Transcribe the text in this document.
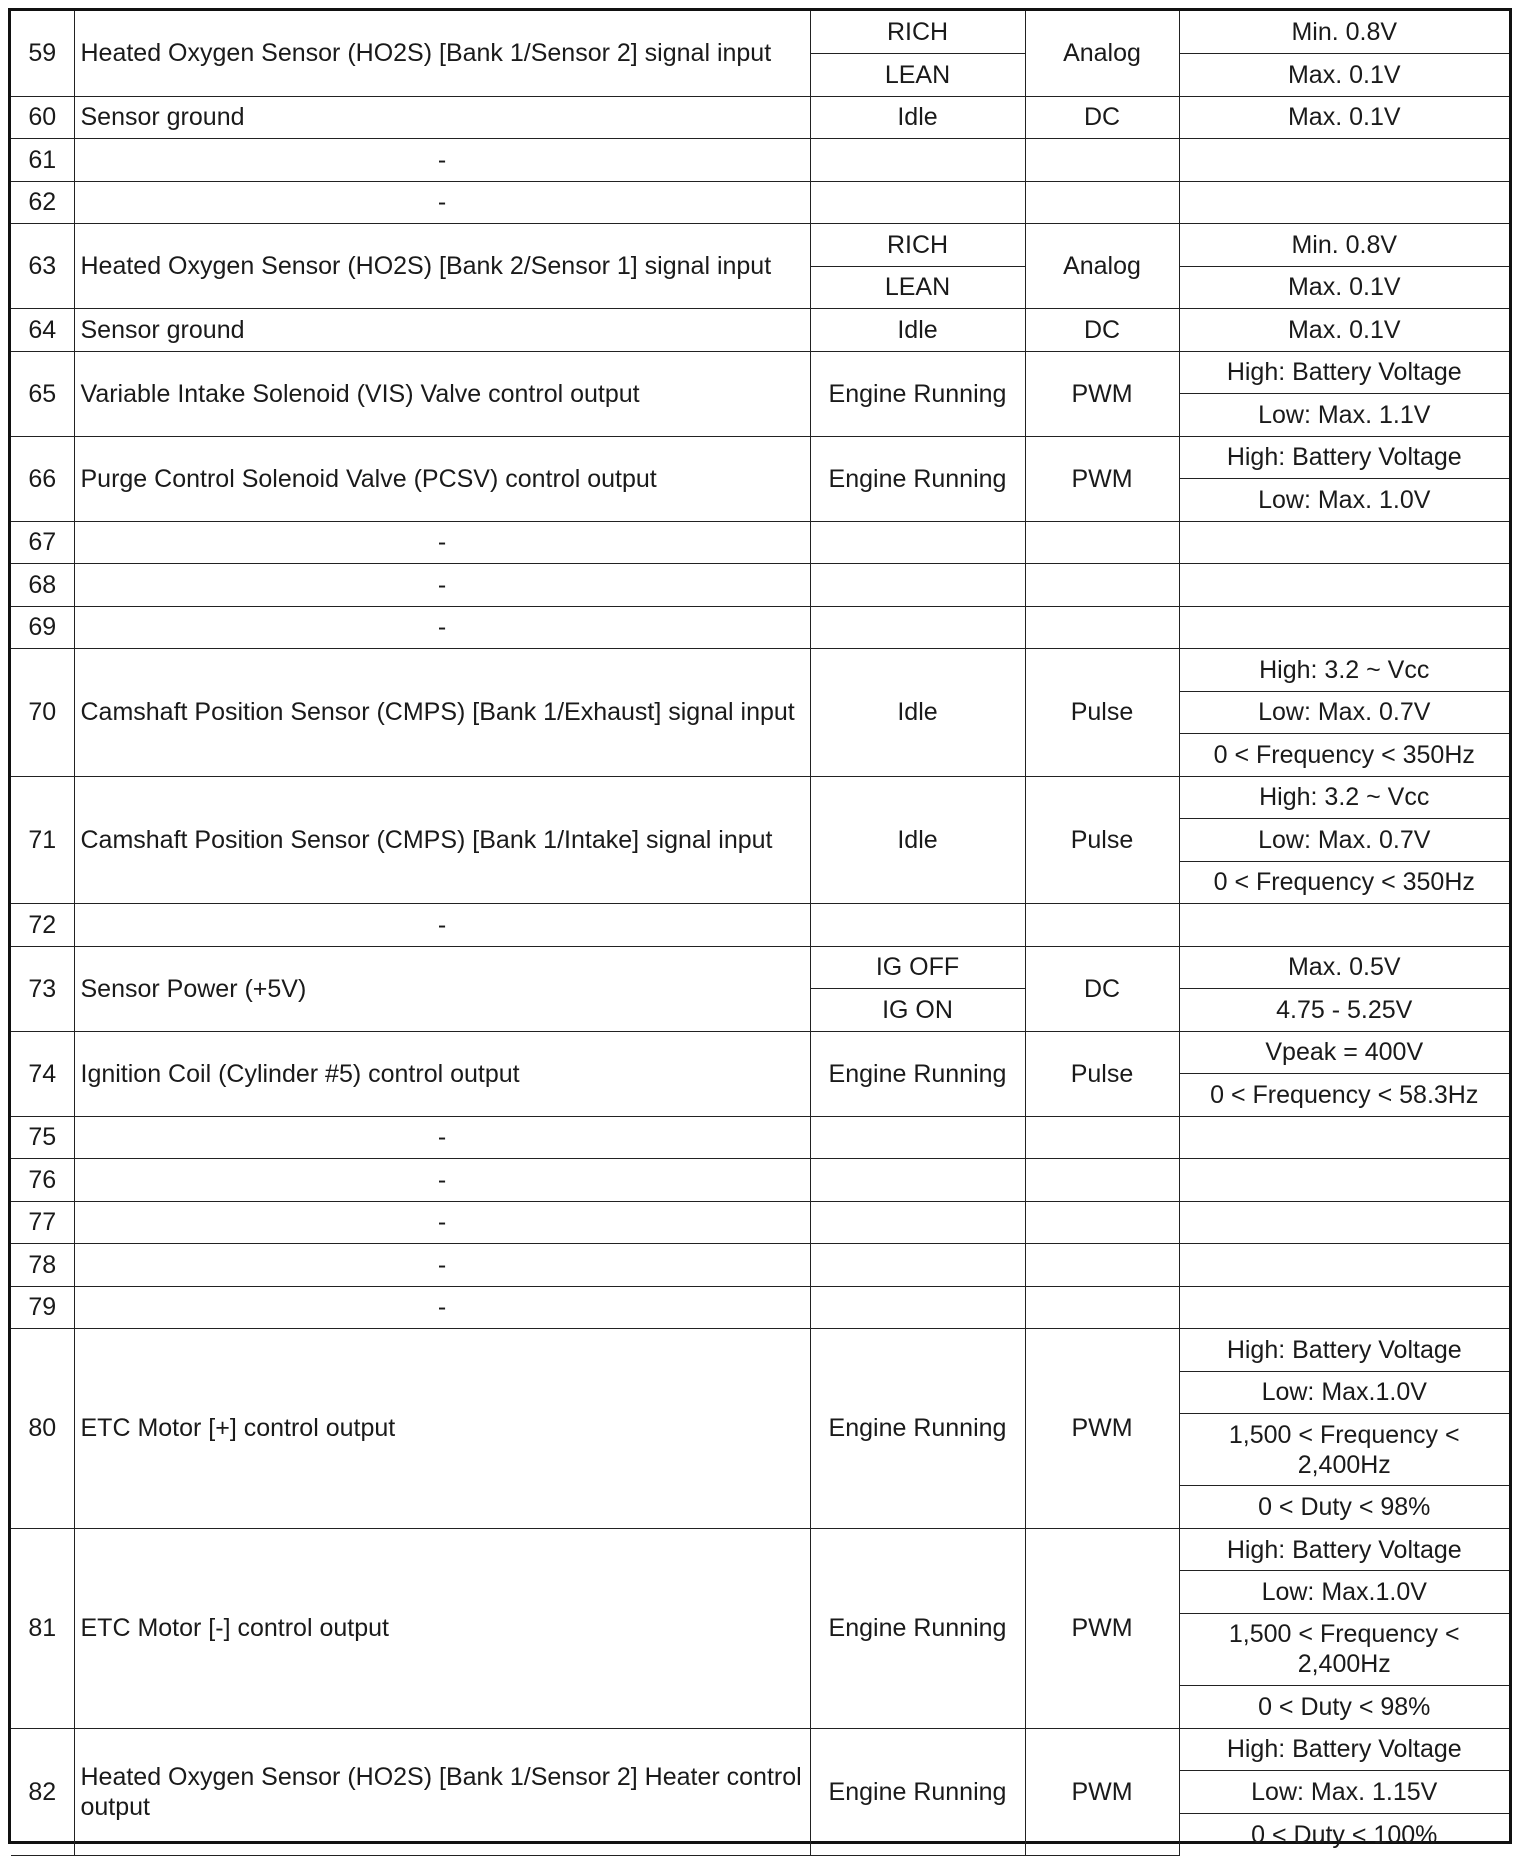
59	Heated Oxygen Sensor (HO2S) [Bank 1/Sensor 2] signal input	RICH	Analog	Min. 0.8V
		LEAN		Max. 0.1V
60	Sensor ground	Idle	DC	Max. 0.1V
61	-			
62	-			
63	Heated Oxygen Sensor (HO2S) [Bank 2/Sensor 1] signal input	RICH	Analog	Min. 0.8V
		LEAN		Max. 0.1V
64	Sensor ground	Idle	DC	Max. 0.1V
65	Variable Intake Solenoid (VIS) Valve control output	Engine Running	PWM	High: Battery Voltage
				Low: Max. 1.1V
66	Purge Control Solenoid Valve (PCSV) control output	Engine Running	PWM	High: Battery Voltage
				Low: Max. 1.0V
67	-			
68	-			
69	-			
70	Camshaft Position Sensor (CMPS) [Bank 1/Exhaust] signal input	Idle	Pulse	High: 3.2 ~ Vcc
				Low: Max. 0.7V
				0 < Frequency < 350Hz
71	Camshaft Position Sensor (CMPS) [Bank 1/Intake] signal input	Idle	Pulse	High: 3.2 ~ Vcc
				Low: Max. 0.7V
				0 < Frequency < 350Hz
72	-			
73	Sensor Power (+5V)	IG OFF	DC	Max. 0.5V
		IG ON		4.75 - 5.25V
74	Ignition Coil (Cylinder #5) control output	Engine Running	Pulse	Vpeak = 400V
				0 < Frequency < 58.3Hz
75	-			
76	-			
77	-			
78	-			
79	-			
80	ETC Motor [+] control output	Engine Running	PWM	High: Battery Voltage
				Low: Max.1.0V
				1,500 < Frequency < 2,400Hz
				0 < Duty < 98%
81	ETC Motor [-] control output	Engine Running	PWM	High: Battery Voltage
				Low: Max.1.0V
				1,500 < Frequency < 2,400Hz
				0 < Duty < 98%
82	Heated Oxygen Sensor (HO2S) [Bank 1/Sensor 2] Heater control output	Engine Running	PWM	High: Battery Voltage
				Low: Max. 1.15V
				0 < Duty < 100%
